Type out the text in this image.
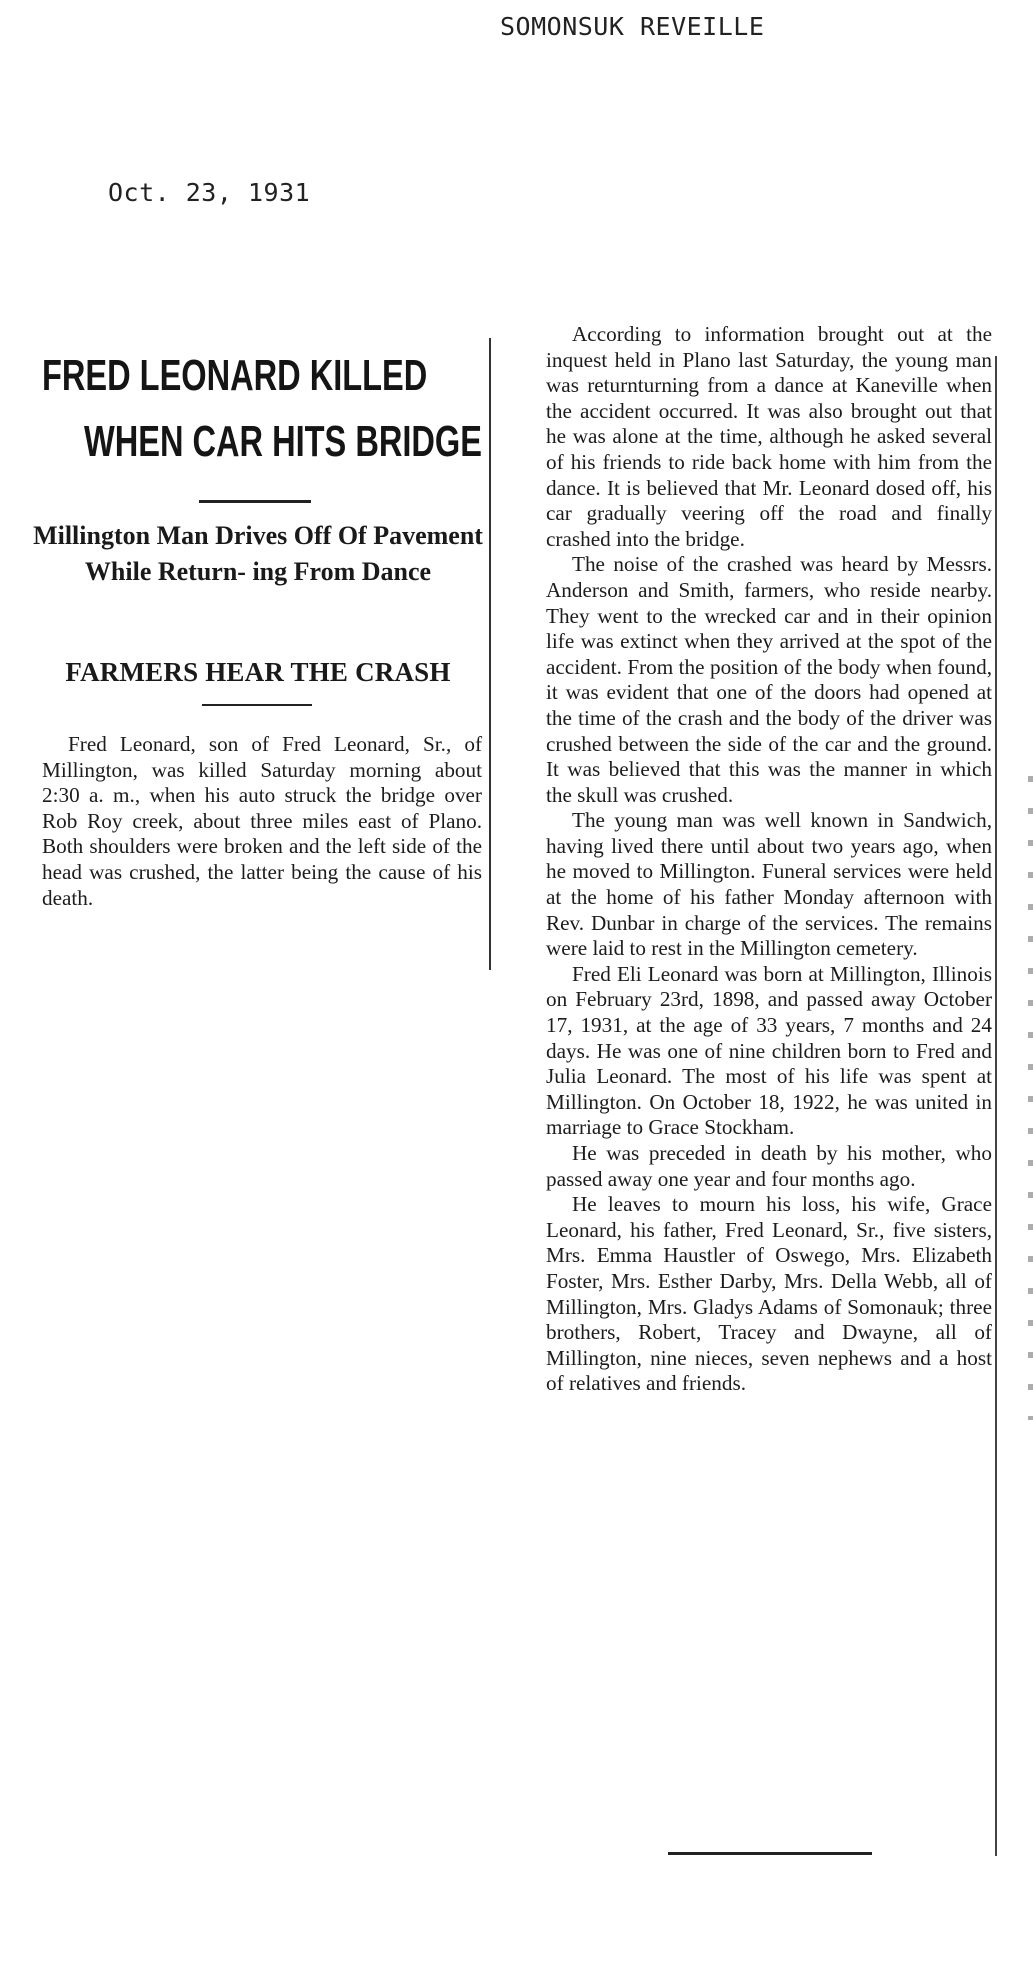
SOMONSUK REVEILLE
Oct. 23, 1931
FRED LEONARD KILLED
WHEN CAR HITS BRIDGE
Millington Man Drives Off Of Pavement While Return- ing From Dance
FARMERS HEAR THE CRASH

Fred Leonard, son of Fred Leonard, Sr., of Millington, was killed Saturday morning about 2:30 a. m., when his auto struck the bridge over Rob Roy creek, about three miles east of Plano. Both shoulders were broken and the left side of the head was crushed, the latter being the cause of his death.

According to information brought out at the inquest held in Plano last Saturday, the young man was returnturning from a dance at Kaneville when the accident occurred. It was also brought out that he was alone at the time, although he asked several of his friends to ride back home with him from the dance. It is believed that Mr. Leonard dosed off, his car gradually veering off the road and finally crashed into the bridge.

The noise of the crashed was heard by Messrs. Anderson and Smith, farmers, who reside nearby. They went to the wrecked car and in their opinion life was extinct when they arrived at the spot of the accident. From the position of the body when found, it was evident that one of the doors had opened at the time of the crash and the body of the driver was crushed between the side of the car and the ground. It was believed that this was the manner in which the skull was crushed.

The young man was well known in Sandwich, having lived there until about two years ago, when he moved to Millington. Funeral services were held at the home of his father Monday afternoon with Rev. Dunbar in charge of the services. The remains were laid to rest in the Millington cemetery.

Fred Eli Leonard was born at Millington, Illinois on February 23rd, 1898, and passed away October 17, 1931, at the age of 33 years, 7 months and 24 days. He was one of nine children born to Fred and Julia Leonard. The most of his life was spent at Millington. On October 18, 1922, he was united in marriage to Grace Stockham.

He was preceded in death by his mother, who passed away one year and four months ago.

He leaves to mourn his loss, his wife, Grace Leonard, his father, Fred Leonard, Sr., five sisters, Mrs. Emma Haustler of Oswego, Mrs. Elizabeth Foster, Mrs. Esther Darby, Mrs. Della Webb, all of Millington, Mrs. Gladys Adams of Somonauk; three brothers, Robert, Tracey and Dwayne, all of Millington, nine nieces, seven nephews and a host of relatives and friends.
